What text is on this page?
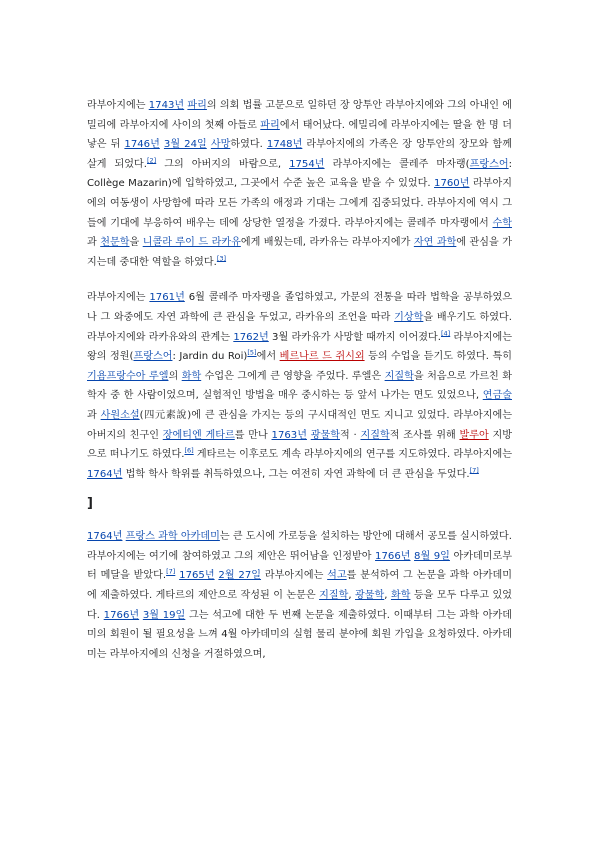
라부아지에는 1743년 파리의 의회 법률 고문으로 일하던 장 앙투안 라부아지에와 그의 아내인 에밀리에 라부아지에 사이의 첫째 아들로 파리에서 태어났다. 에밀리에 라부아지에는 딸을 한 명 더 낳은 뒤 1746년 3월 24일 사망하였다. 1748년 라부아지에의 가족은 장 앙투안의 장모와 함께 살게 되었다.[2] 그의 아버지의 바람으로, 1754년 라부아지에는 콜레주 마자랭(프랑스어: Collège Mazarin)에 입학하였고, 그곳에서 수준 높은 교육을 받을 수 있었다. 1760년 라부아지에의 여동생이 사망함에 따라 모든 가족의 애정과 기대는 그에게 집중되었다. 라부아지에 역시 그들에 기대에 부응하여 배우는 데에 상당한 열정을 가졌다. 라부아지에는 콜레주 마자랭에서 수학과 천문학을 니콜라 루이 드 라카유에게 배웠는데, 라카유는 라부아지에가 자연 과학에 관심을 가지는데 중대한 역할을 하였다.[3]

라부아지에는 1761년 6월 콜레주 마자랭을 졸업하였고, 가문의 전통을 따라 법학을 공부하였으나 그 와중에도 자연 과학에 큰 관심을 두었고, 라카유의 조언을 따라 기상학을 배우기도 하였다. 라부아지에와 라카유와의 관계는 1762년 3월 라카유가 사망할 때까지 이어졌다.[4] 라부아지에는 왕의 정원(프랑스어: Jardin du Roi)[5]에서 베르나르 드 쥐시외 등의 수업을 듣기도 하였다. 특히 기욤프랑수아 루엘의 화학 수업은 그에게 큰 영향을 주었다. 루엘은 지질학을 처음으로 가르친 화학자 중 한 사람이었으며, 실험적인 방법을 매우 중시하는 등 앞서 나가는 면도 있었으나, 연금술과 사원소설(四元素說)에 큰 관심을 가지는 등의 구시대적인 면도 지니고 있었다. 라부아지에는 아버지의 친구인 장에티엔 게타르를 만나 1763년 광물학적 · 지질학적 조사를 위해 발루아 지방으로 떠나기도 하였다.[6] 게타르는 이후로도 계속 라부아지에의 연구를 지도하였다. 라부아지에는 1764년 법학 학사 학위를 취득하였으나, 그는 여전히 자연 과학에 더 큰 관심을 두었다.[7]

]

1764년 프랑스 과학 아카데미는 큰 도시에 가로등을 설치하는 방안에 대해서 공모를 실시하였다. 라부아지에는 여기에 참여하였고 그의 제안은 뛰어남을 인정받아 1766년 8월 9일 아카데미로부터 메달을 받았다.[7] 1765년 2월 27일 라부아지에는 석고를 분석하여 그 논문을 과학 아카데미에 제출하였다. 게타르의 제안으로 작성된 이 논문은 지질학, 광물학, 화학 등을 모두 다루고 있었다. 1766년 3월 19일 그는 석고에 대한 두 번째 논문을 제출하였다. 이때부터 그는 과학 아카데미의 회원이 될 필요성을 느껴 4월 아카데미의 실험 물리 분야에 회원 가입을 요청하였다. 아카데미는 라부아지에의 신청을 거절하였으며,
